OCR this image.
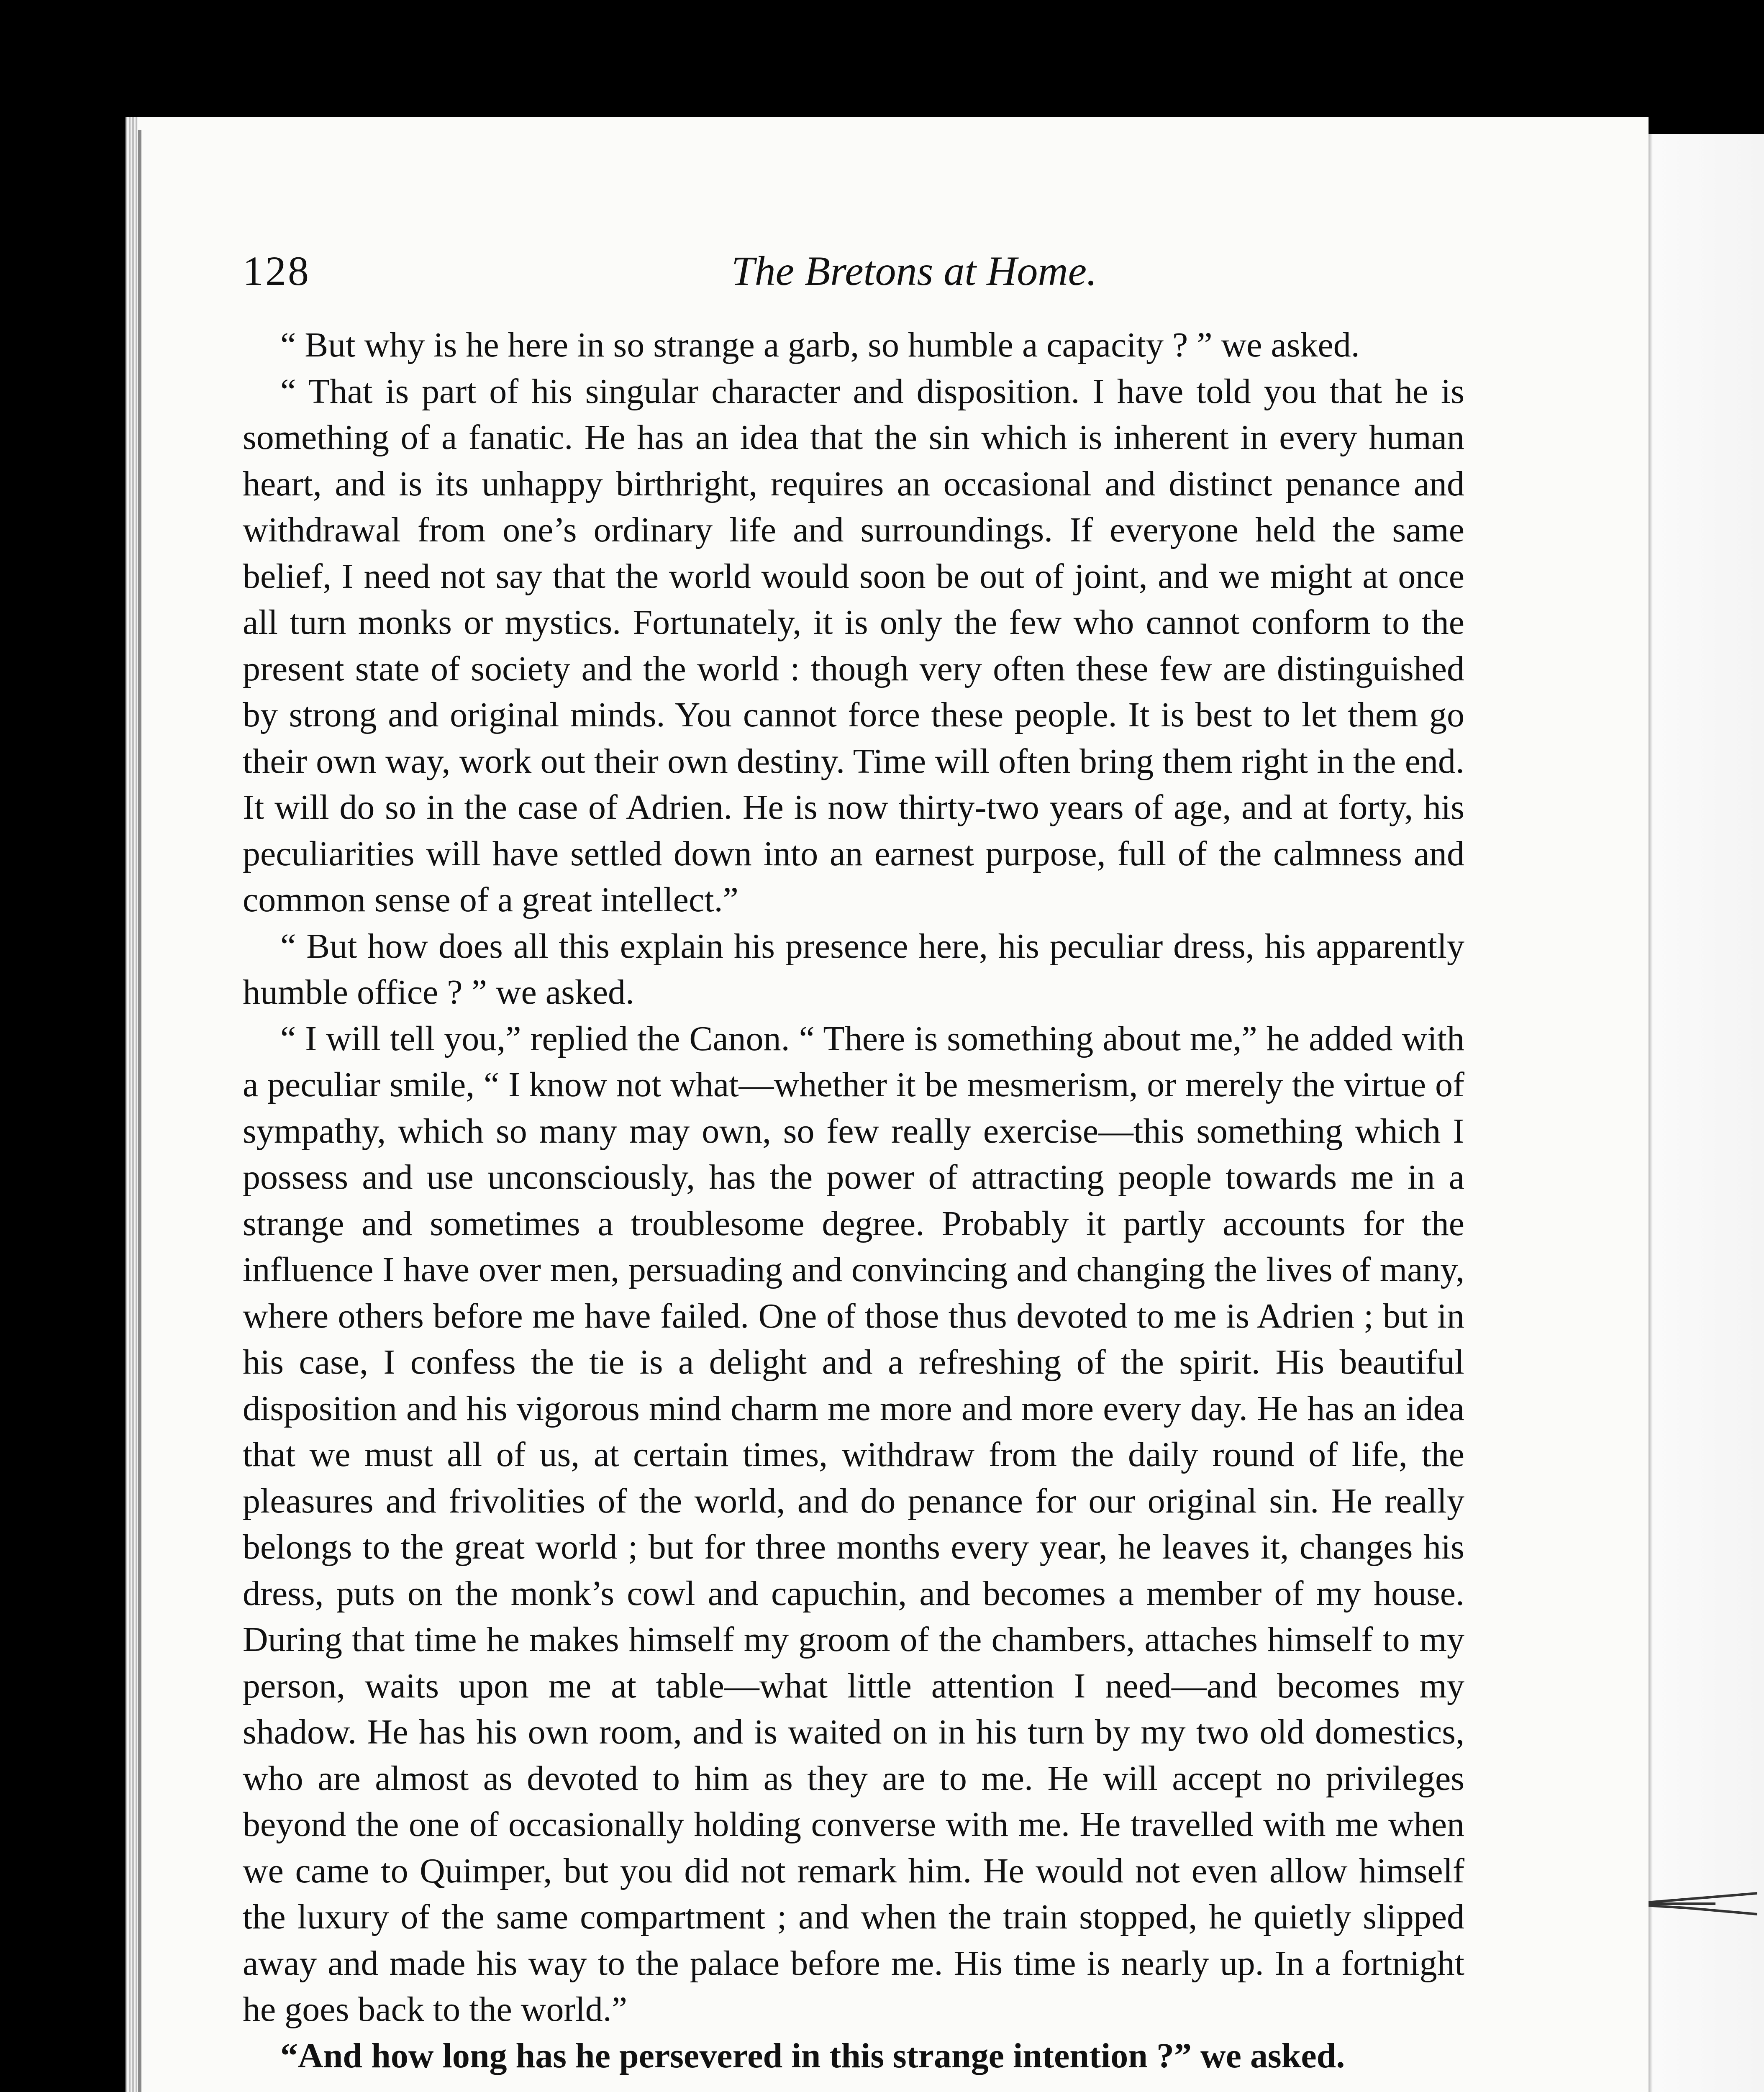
128	The Bretons at Home.

“ But why is he here in so strange a garb, so humble a capacity ? ” we asked.

“ That is part of his singular character and disposition. I have told you that he is something of a fanatic. He has an idea that the sin which is inherent in every human heart, and is its unhappy birthright, requires an occasional and distinct penance and withdrawal from one’s ordinary life and surroundings. If everyone held the same belief, I need not say that the world would soon be out of joint, and we might at once all turn monks or mystics. Fortunately, it is only the few who cannot conform to the present state of society and the world : though very often these few are distinguished by strong and original minds. You cannot force these people. It is best to let them go their own way, work out their own destiny. Time will often bring them right in the end. It will do so in the case of Adrien. He is now thirty-two years of age, and at forty, his peculiarities will have settled down into an earnest purpose, full of the calmness and common sense of a great intellect.”

“ But how does all this explain his presence here, his peculiar dress, his apparently humble office ? ” we asked.

“ I will tell you,” replied the Canon. “ There is something about me,” he added with a peculiar smile, “ I know not what—whether it be mesmerism, or merely the virtue of sympathy, which so many may own, so few really exercise—this something which I possess and use unconsciously, has the power of attracting people towards me in a strange and sometimes a troublesome degree. Probably it partly accounts for the influence I have over men, persuading and convincing and changing the lives of many, where others before me have failed. One of those thus devoted to me is Adrien ; but in his case, I confess the tie is a delight and a refreshing of the spirit. His beautiful disposition and his vigorous mind charm me more and more every day. He has an idea that we must all of us, at certain times, withdraw from the daily round of life, the pleasures and frivolities of the world, and do penance for our original sin. He really belongs to the great world ; but for three months every year, he leaves it, changes his dress, puts on the monk’s cowl and capuchin, and becomes a member of my house. During that time he makes himself my groom of the chambers, attaches himself to my person, waits upon me at table—what little attention I need—and becomes my shadow. He has his own room, and is waited on in his turn by my two old domestics, who are almost as devoted to him as they are to me. He will accept no privileges beyond the one of occasionally holding converse with me. He travelled with me when we came to Quimper, but you did not remark him. He would not even allow himself the luxury of the same compartment ; and when the train stopped, he quietly slipped away and made his way to the palace before me. His time is nearly up. In a fortnight he goes back to the world.”

“And how long has he persevered in this strange intention ?” we asked.
